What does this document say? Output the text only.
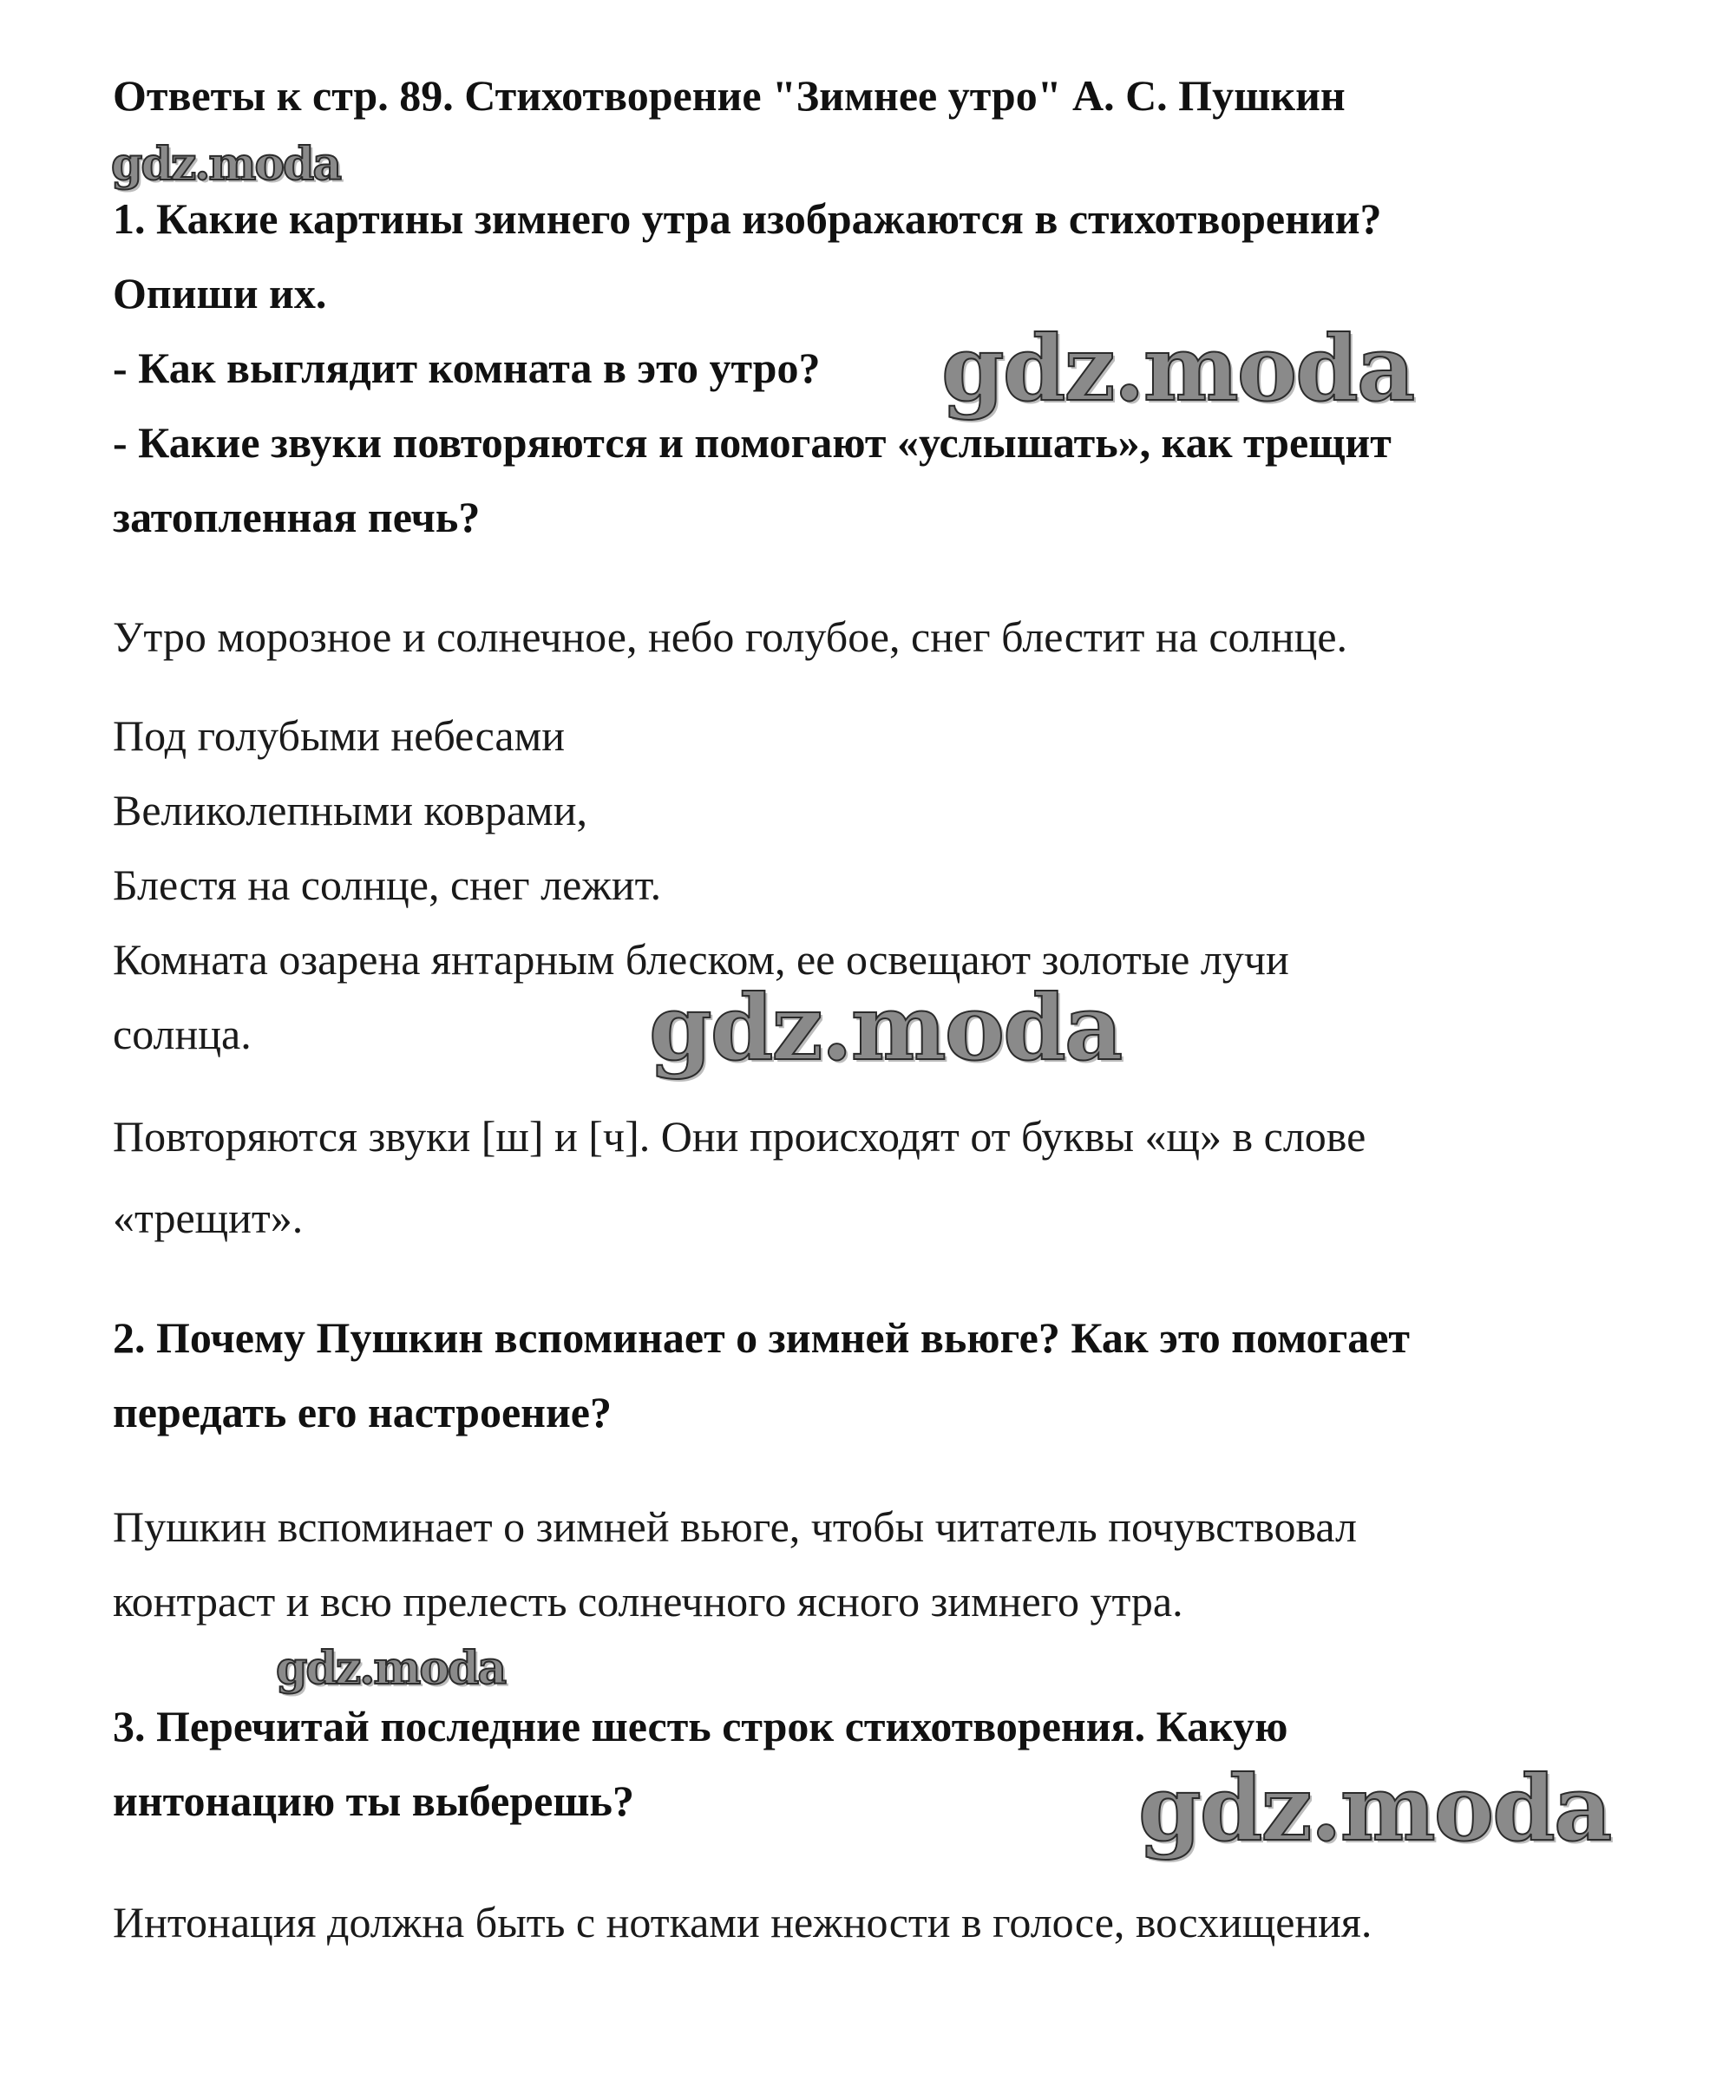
Ответы к стр. 89. Стихотворение "Зимнее утро" А. С. Пушкин
gdz.moda
1. Какие картины зимнего утра изображаются в стихотворении?
Опиши их.
- Как выглядит комната в это утро? gdz.moda
- Какие звуки повторяются и помогают «услышать», как трещит
затопленная печь?
Утро морозное и солнечное, небо голубое, снег блестит на солнце.
Под голубыми небесами
Великолепными коврами,
Блестя на солнце, снег лежит.
Комната озарена янтарным блеском, ее освещают золотые лучи
солнца.	gdz.moda
Повторяются звуки [ш] и [ч]. Они происходят от буквы «щ» в слове
«трещит».
2. Почему Пушкин вспоминает о зимней вьюге? Как это помогает
передать его настроение?
Пушкин вспоминает о зимней вьюге, чтобы читатель почувствовал
контраст и всю прелесть солнечного ясного зимнего утра.
gdz.moda
3. Перечитай последние шесть строк стихотворения. Какую
интонацию ты выберешь?	gdz.moda
Интонация должна быть с нотками нежности в голосе, восхищения.
